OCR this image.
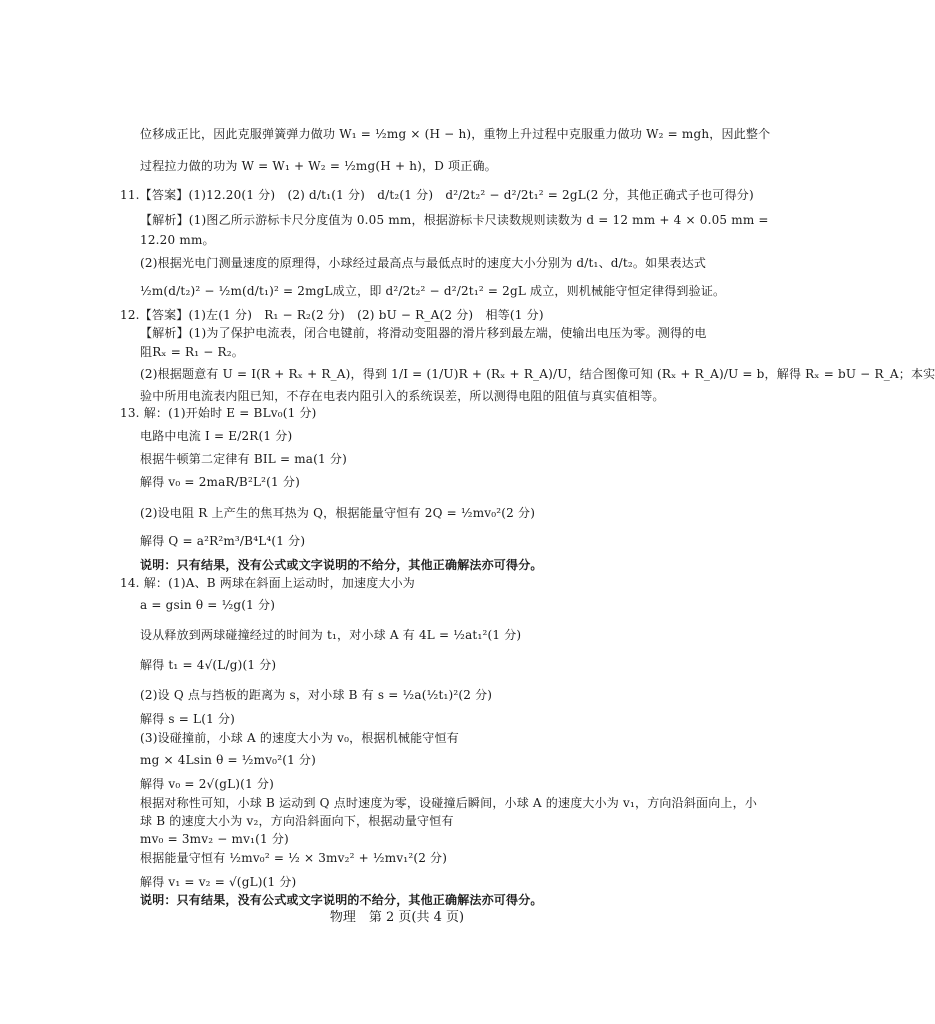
位移成正比，因此克服弹簧弹力做功 W₁ = ½mg × (H − h)，重物上升过程中克服重力做功 W₂ = mgh，因此整个
过程拉力做的功为 W = W₁ + W₂ = ½mg(H + h)，D 项正确。
11.【答案】(1)12.20(1 分)　(2) d/t₁(1 分)　d/t₂(1 分)　d²/2t₂² − d²/2t₁² = 2gL(2 分，其他正确式子也可得分)
【解析】(1)图乙所示游标卡尺分度值为 0.05 mm，根据游标卡尺读数规则读数为 d = 12 mm + 4 × 0.05 mm =
12.20 mm。
(2)根据光电门测量速度的原理得，小球经过最高点与最低点时的速度大小分别为 d/t₁、d/t₂。如果表达式
½m(d/t₂)² − ½m(d/t₁)² = 2mgL成立，即 d²/2t₂² − d²/2t₁² = 2gL 成立，则机械能守恒定律得到验证。
12.【答案】(1)左(1 分)　R₁ − R₂(2 分)　(2) bU − R_A(2 分)　相等(1 分)
【解析】(1)为了保护电流表，闭合电键前，将滑动变阻器的滑片移到最左端，使输出电压为零。测得的电
阻Rₓ = R₁ − R₂。
(2)根据题意有 U = I(R + Rₓ + R_A)，得到 1/I = (1/U)R + (Rₓ + R_A)/U，结合图像可知 (Rₓ + R_A)/U = b，解得 Rₓ = bU − R_A；本实
验中所用电流表内阻已知，不存在电表内阻引入的系统误差，所以测得电阻的阻值与真实值相等。
13. 解：(1)开始时 E = BLv₀(1 分)
电路中电流 I = E/2R(1 分)
根据牛顿第二定律有 BIL = ma(1 分)
解得 v₀ = 2maR/B²L²(1 分)
(2)设电阻 R 上产生的焦耳热为 Q，根据能量守恒有 2Q = ½mv₀²(2 分)
解得 Q = a²R²m³/B⁴L⁴(1 分)
说明：只有结果，没有公式或文字说明的不给分，其他正确解法亦可得分。
14. 解：(1)A、B 两球在斜面上运动时，加速度大小为
a = gsin θ = ½g(1 分)
设从释放到两球碰撞经过的时间为 t₁，对小球 A 有 4L = ½at₁²(1 分)
解得 t₁ = 4√(L/g)(1 分)
(2)设 Q 点与挡板的距离为 s，对小球 B 有 s = ½a(½t₁)²(2 分)
解得 s = L(1 分)
(3)设碰撞前，小球 A 的速度大小为 v₀，根据机械能守恒有
mg × 4Lsin θ = ½mv₀²(1 分)
解得 v₀ = 2√(gL)(1 分)
根据对称性可知，小球 B 运动到 Q 点时速度为零，设碰撞后瞬间，小球 A 的速度大小为 v₁，方向沿斜面向上，小
球 B 的速度大小为 v₂，方向沿斜面向下，根据动量守恒有
mv₀ = 3mv₂ − mv₁(1 分)
根据能量守恒有 ½mv₀² = ½ × 3mv₂² + ½mv₁²(2 分)
解得 v₁ = v₂ = √(gL)(1 分)
说明：只有结果，没有公式或文字说明的不给分，其他正确解法亦可得分。
物理　第 2 页(共 4 页)
